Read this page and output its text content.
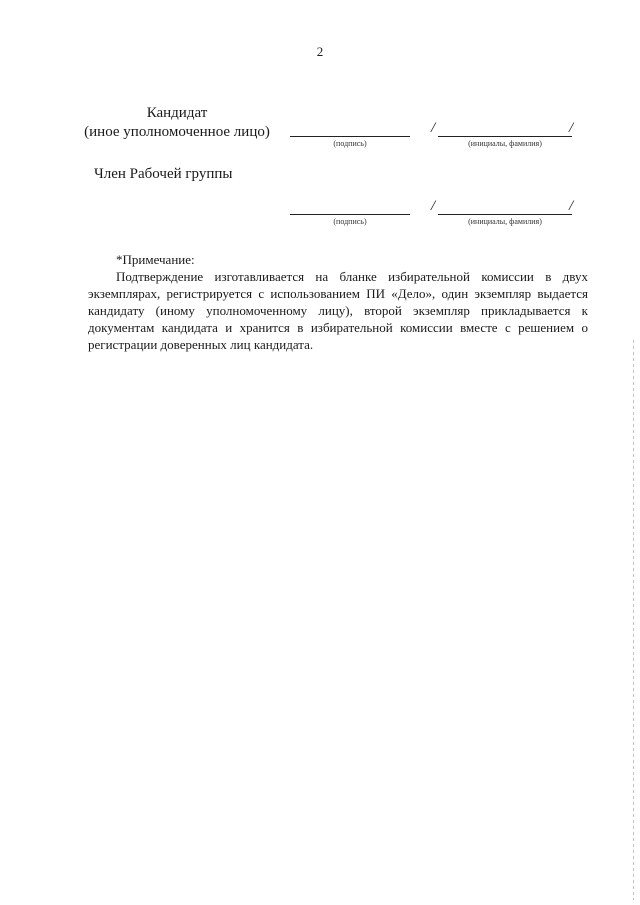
2
Кандидат
(иное уполномоченное лицо)
(подпись)
/	/
(инициалы, фамилия)
Член Рабочей группы
(подпись)
/	/
(инициалы, фамилия)
*Примечание:
Подтверждение изготавливается на бланке избирательной комиссии в двух экземплярах, регистрируется с использованием ПИ «Дело», один экземпляр выдается кандидату (иному уполномоченному лицу), второй экземпляр прикладывается к документам кандидата и хранится в избирательной комиссии вместе с решением о регистрации доверенных лиц кандидата.
